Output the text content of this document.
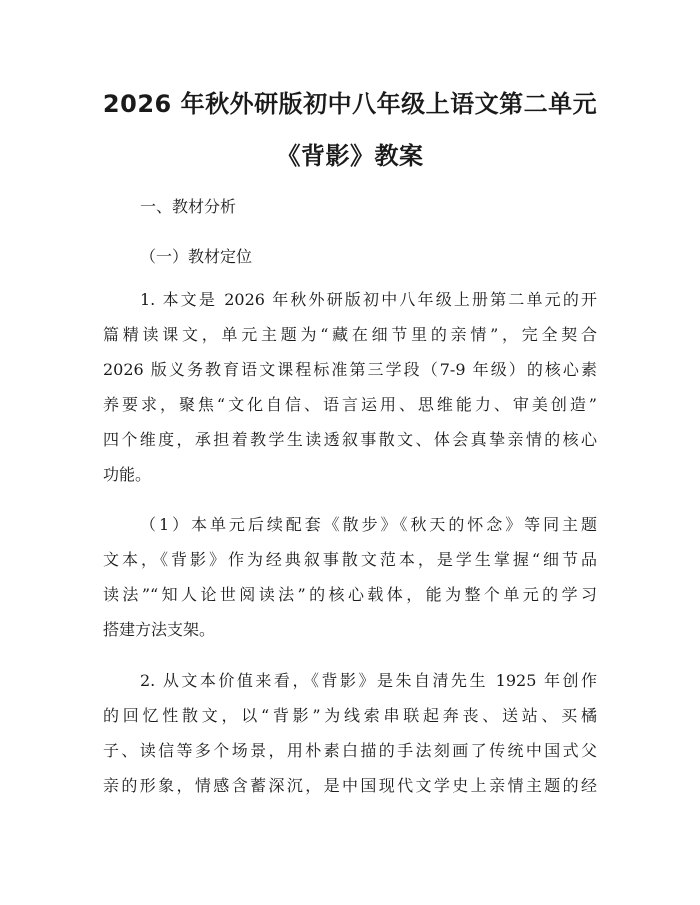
2026 年秋外研版初中八年级上语文第二单元
《背影》教案
一、教材分析
（一）教材定位
1. 本文是 2026 年秋外研版初中八年级上册第二单元的开
篇精读课文，单元主题为“藏在细节里的亲情”，完全契合
2026 版义务教育语文课程标准第三学段（7-9 年级）的核心素
养要求，聚焦“文化自信、语言运用、思维能力、审美创造”
四个维度，承担着教学生读透叙事散文、体会真挚亲情的核心
功能。
（1）本单元后续配套《散步》《秋天的怀念》等同主题
文本，《背影》作为经典叙事散文范本，是学生掌握“细节品
读法”“知人论世阅读法”的核心载体，能为整个单元的学习
搭建方法支架。
2. 从文本价值来看，《背影》是朱自清先生 1925 年创作
的回忆性散文，以“背影”为线索串联起奔丧、送站、买橘
子、读信等多个场景，用朴素白描的手法刻画了传统中国式父
亲的形象，情感含蓄深沉，是中国现代文学史上亲情主题的经
